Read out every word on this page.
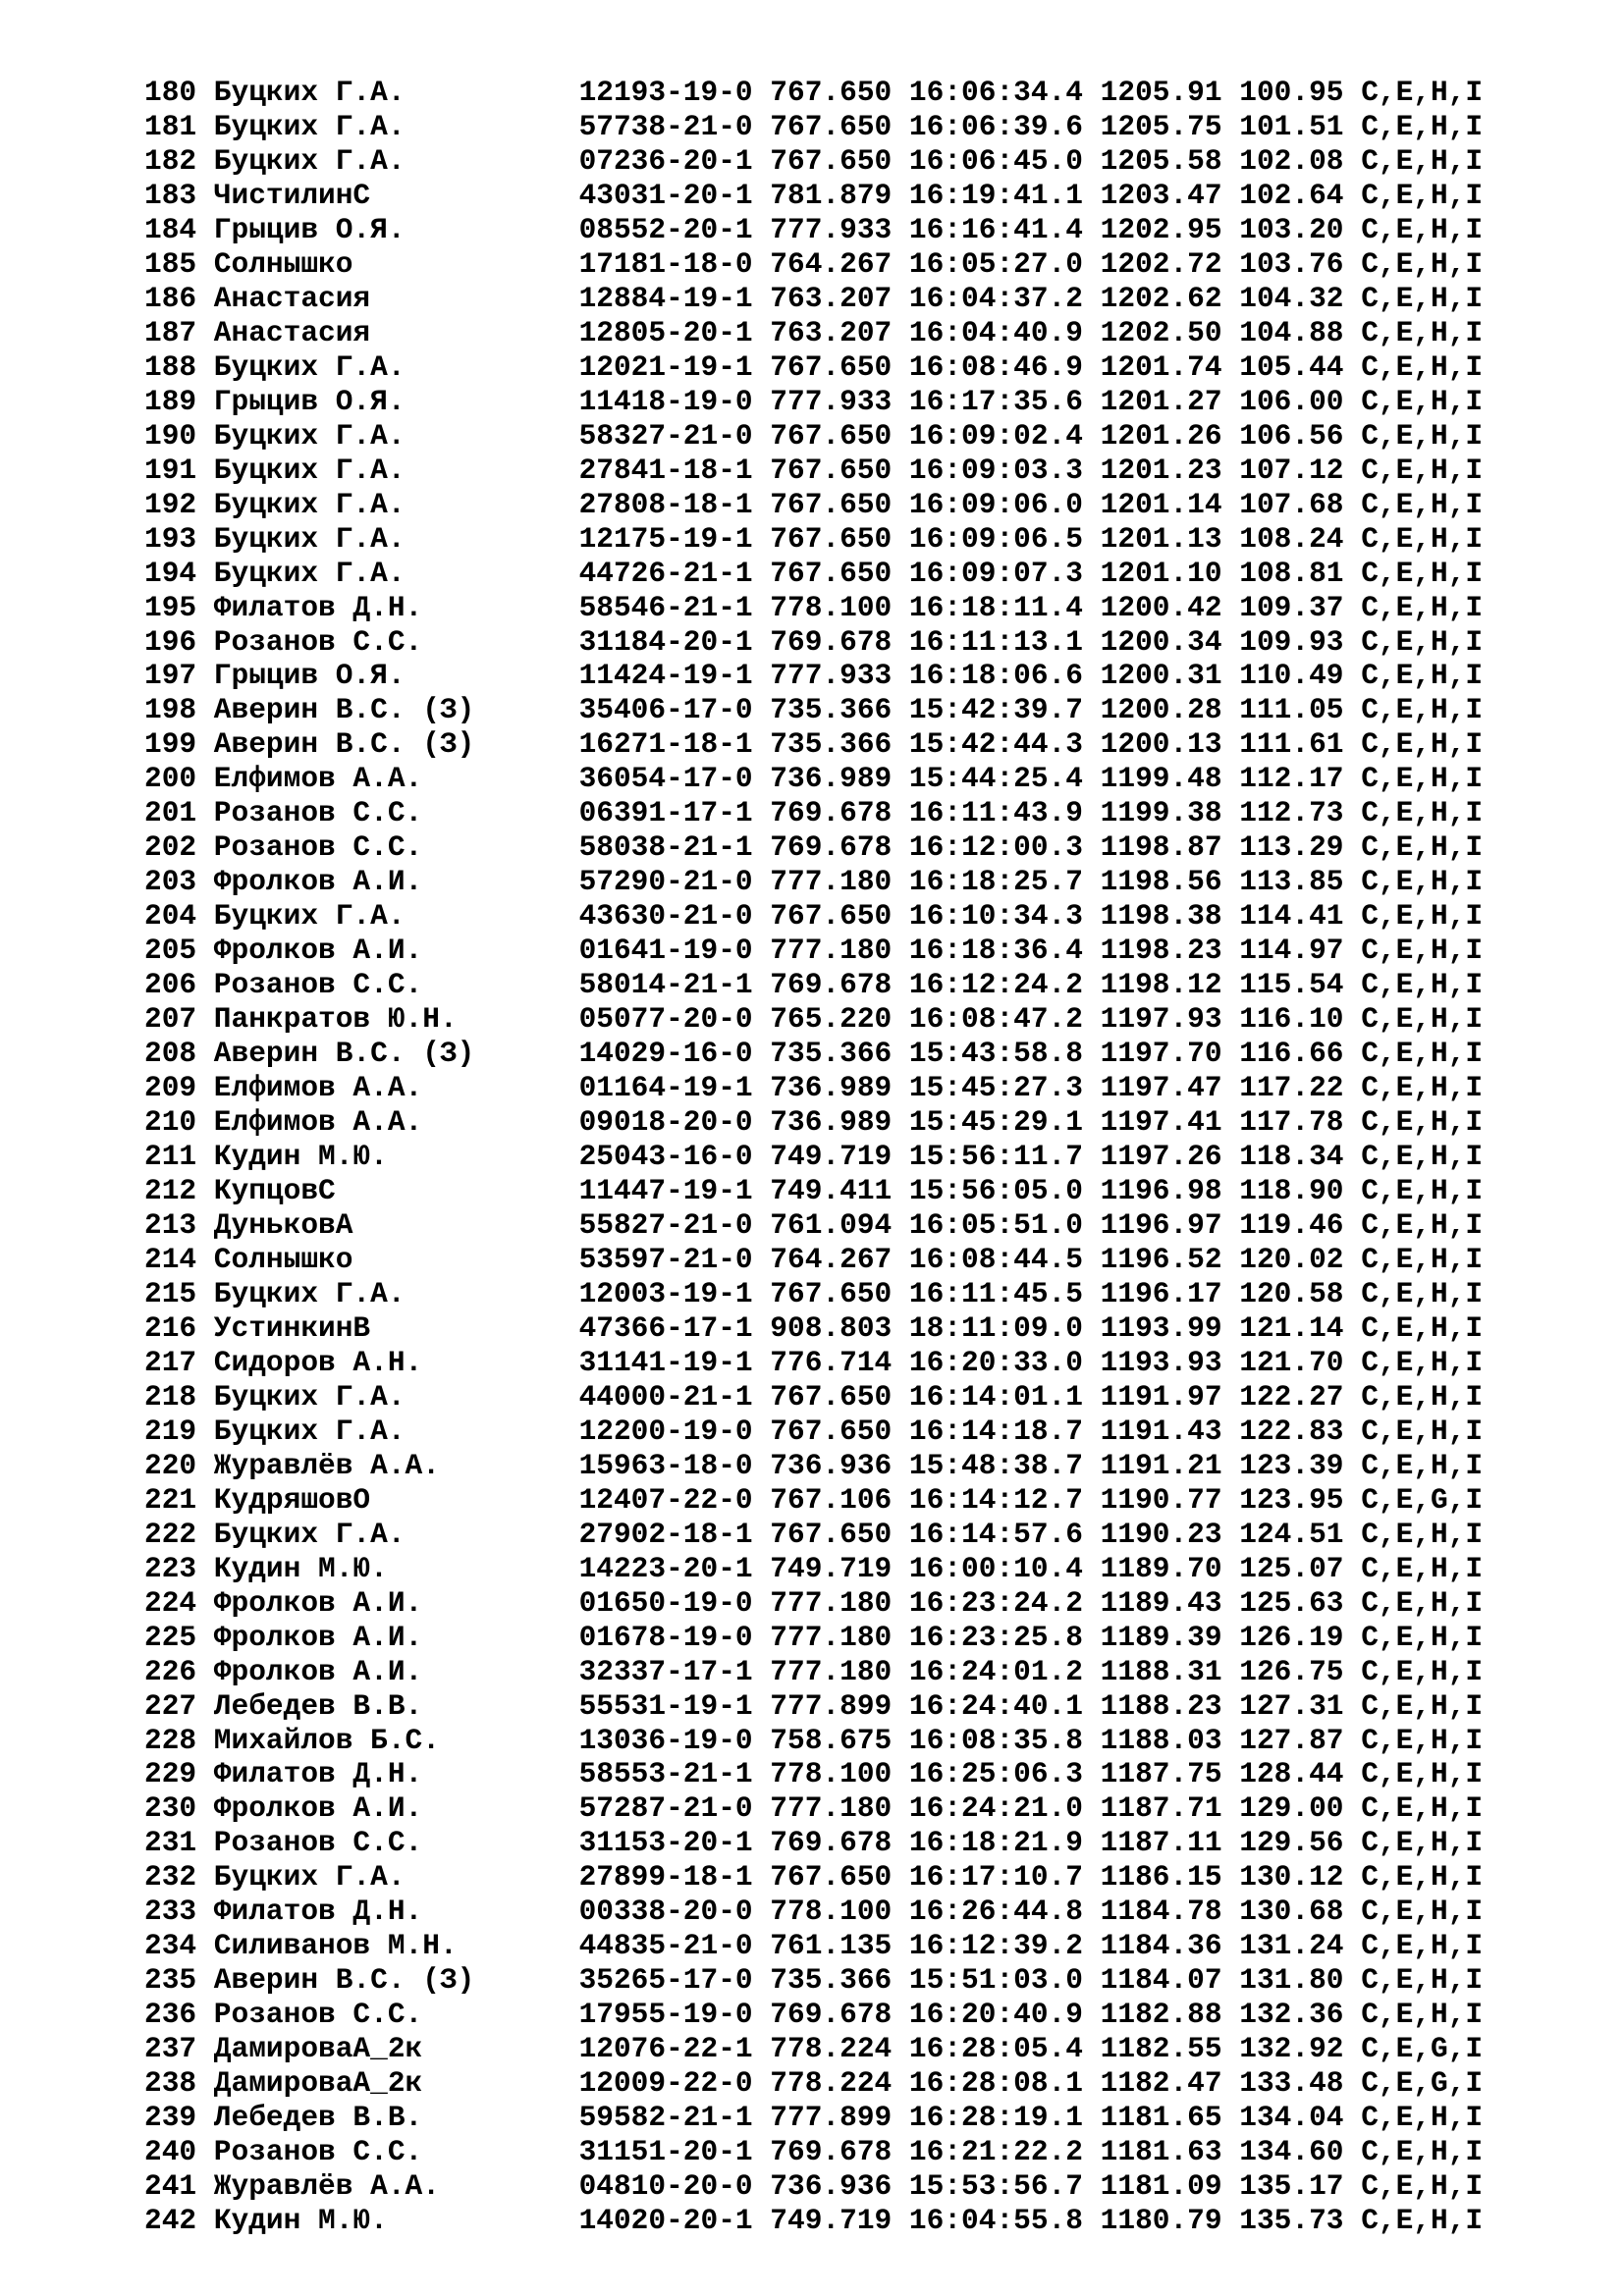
180 Буцких Г.А.          12193-19-0 767.650 16:06:34.4 1205.91 100.95 C,E,H,I
181 Буцких Г.А.          57738-21-0 767.650 16:06:39.6 1205.75 101.51 C,E,H,I
182 Буцких Г.А.          07236-20-1 767.650 16:06:45.0 1205.58 102.08 C,E,H,I
183 ЧистилинС            43031-20-1 781.879 16:19:41.1 1203.47 102.64 C,E,H,I
184 Грыцив О.Я.          08552-20-1 777.933 16:16:41.4 1202.95 103.20 C,E,H,I
185 Солнышко             17181-18-0 764.267 16:05:27.0 1202.72 103.76 C,E,H,I
186 Анастасия            12884-19-1 763.207 16:04:37.2 1202.62 104.32 C,E,H,I
187 Анастасия            12805-20-1 763.207 16:04:40.9 1202.50 104.88 C,E,H,I
188 Буцких Г.А.          12021-19-1 767.650 16:08:46.9 1201.74 105.44 C,E,H,I
189 Грыцив О.Я.          11418-19-0 777.933 16:17:35.6 1201.27 106.00 C,E,H,I
190 Буцких Г.А.          58327-21-0 767.650 16:09:02.4 1201.26 106.56 C,E,H,I
191 Буцких Г.А.          27841-18-1 767.650 16:09:03.3 1201.23 107.12 C,E,H,I
192 Буцких Г.А.          27808-18-1 767.650 16:09:06.0 1201.14 107.68 C,E,H,I
193 Буцких Г.А.          12175-19-1 767.650 16:09:06.5 1201.13 108.24 C,E,H,I
194 Буцких Г.А.          44726-21-1 767.650 16:09:07.3 1201.10 108.81 C,E,H,I
195 Филатов Д.Н.         58546-21-1 778.100 16:18:11.4 1200.42 109.37 C,E,H,I
196 Розанов С.С.         31184-20-1 769.678 16:11:13.1 1200.34 109.93 C,E,H,I
197 Грыцив О.Я.          11424-19-1 777.933 16:18:06.6 1200.31 110.49 C,E,H,I
198 Аверин В.С. (З)      35406-17-0 735.366 15:42:39.7 1200.28 111.05 C,E,H,I
199 Аверин В.С. (З)      16271-18-1 735.366 15:42:44.3 1200.13 111.61 C,E,H,I
200 Елфимов А.А.         36054-17-0 736.989 15:44:25.4 1199.48 112.17 C,E,H,I
201 Розанов С.С.         06391-17-1 769.678 16:11:43.9 1199.38 112.73 C,E,H,I
202 Розанов С.С.         58038-21-1 769.678 16:12:00.3 1198.87 113.29 C,E,H,I
203 Фролков А.И.         57290-21-0 777.180 16:18:25.7 1198.56 113.85 C,E,H,I
204 Буцких Г.А.          43630-21-0 767.650 16:10:34.3 1198.38 114.41 C,E,H,I
205 Фролков А.И.         01641-19-0 777.180 16:18:36.4 1198.23 114.97 C,E,H,I
206 Розанов С.С.         58014-21-1 769.678 16:12:24.2 1198.12 115.54 C,E,H,I
207 Панкратов Ю.Н.       05077-20-0 765.220 16:08:47.2 1197.93 116.10 C,E,H,I
208 Аверин В.С. (З)      14029-16-0 735.366 15:43:58.8 1197.70 116.66 C,E,H,I
209 Елфимов А.А.         01164-19-1 736.989 15:45:27.3 1197.47 117.22 C,E,H,I
210 Елфимов А.А.         09018-20-0 736.989 15:45:29.1 1197.41 117.78 C,E,H,I
211 Кудин М.Ю.           25043-16-0 749.719 15:56:11.7 1197.26 118.34 C,E,H,I
212 КупцовС              11447-19-1 749.411 15:56:05.0 1196.98 118.90 C,E,H,I
213 ДуньковА             55827-21-0 761.094 16:05:51.0 1196.97 119.46 C,E,H,I
214 Солнышко             53597-21-0 764.267 16:08:44.5 1196.52 120.02 C,E,H,I
215 Буцких Г.А.          12003-19-1 767.650 16:11:45.5 1196.17 120.58 C,E,H,I
216 УстинкинВ            47366-17-1 908.803 18:11:09.0 1193.99 121.14 C,E,H,I
217 Сидоров А.Н.         31141-19-1 776.714 16:20:33.0 1193.93 121.70 C,E,H,I
218 Буцких Г.А.          44000-21-1 767.650 16:14:01.1 1191.97 122.27 C,E,H,I
219 Буцких Г.А.          12200-19-0 767.650 16:14:18.7 1191.43 122.83 C,E,H,I
220 Журавлёв А.А.        15963-18-0 736.936 15:48:38.7 1191.21 123.39 C,E,H,I
221 КудряшовО            12407-22-0 767.106 16:14:12.7 1190.77 123.95 C,E,G,I
222 Буцких Г.А.          27902-18-1 767.650 16:14:57.6 1190.23 124.51 C,E,H,I
223 Кудин М.Ю.           14223-20-1 749.719 16:00:10.4 1189.70 125.07 C,E,H,I
224 Фролков А.И.         01650-19-0 777.180 16:23:24.2 1189.43 125.63 C,E,H,I
225 Фролков А.И.         01678-19-0 777.180 16:23:25.8 1189.39 126.19 C,E,H,I
226 Фролков А.И.         32337-17-1 777.180 16:24:01.2 1188.31 126.75 C,E,H,I
227 Лебедев В.В.         55531-19-1 777.899 16:24:40.1 1188.23 127.31 C,E,H,I
228 Михайлов Б.С.        13036-19-0 758.675 16:08:35.8 1188.03 127.87 C,E,H,I
229 Филатов Д.Н.         58553-21-1 778.100 16:25:06.3 1187.75 128.44 C,E,H,I
230 Фролков А.И.         57287-21-0 777.180 16:24:21.0 1187.71 129.00 C,E,H,I
231 Розанов С.С.         31153-20-1 769.678 16:18:21.9 1187.11 129.56 C,E,H,I
232 Буцких Г.А.          27899-18-1 767.650 16:17:10.7 1186.15 130.12 C,E,H,I
233 Филатов Д.Н.         00338-20-0 778.100 16:26:44.8 1184.78 130.68 C,E,H,I
234 Силиванов М.Н.       44835-21-0 761.135 16:12:39.2 1184.36 131.24 C,E,H,I
235 Аверин В.С. (З)      35265-17-0 735.366 15:51:03.0 1184.07 131.80 C,E,H,I
236 Розанов С.С.         17955-19-0 769.678 16:20:40.9 1182.88 132.36 C,E,H,I
237 ДамироваА_2к         12076-22-1 778.224 16:28:05.4 1182.55 132.92 C,E,G,I
238 ДамироваА_2к         12009-22-0 778.224 16:28:08.1 1182.47 133.48 C,E,G,I
239 Лебедев В.В.         59582-21-1 777.899 16:28:19.1 1181.65 134.04 C,E,H,I
240 Розанов С.С.         31151-20-1 769.678 16:21:22.2 1181.63 134.60 C,E,H,I
241 Журавлёв А.А.        04810-20-0 736.936 15:53:56.7 1181.09 135.17 C,E,H,I
242 Кудин М.Ю.           14020-20-1 749.719 16:04:55.8 1180.79 135.73 C,E,H,I
